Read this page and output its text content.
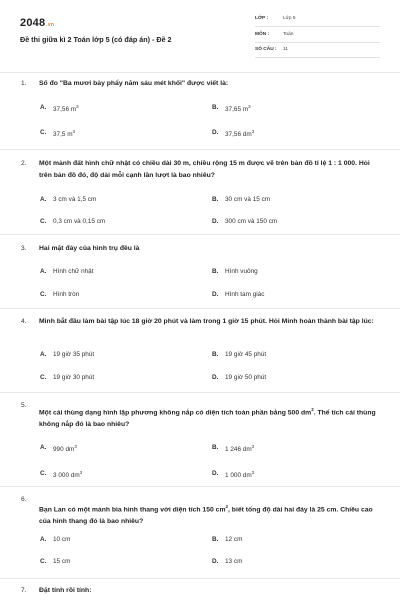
2048.vn
Đề thi giữa kì 2 Toán lớp 5 (có đáp án) - Đề 2
LỚP :	Lớp 5
MÔN :	Toán
SỐ CÂU : 11
1. Số đo "Ba mươi bảy phẩy năm sáu mét khối" được viết là:
A. 37,56 $m^3$	B. 37,65 $m^3$
C. 37,5 $m^3$	D. 37,56 $dm^3$
2. Một mảnh đất hình chữ nhật có chiều dài 30 m, chiều rộng 15 m được vẽ trên bản đồ tỉ lệ 1 : 1 000. Hỏi trên bản đồ đó, độ dài mỗi cạnh lần lượt là bao nhiêu?
A. 3 cm và 1,5 cm	B. 30 cm và 15 cm
C. 0,3 cm và 0,15 cm	D. 300 cm và 150 cm
3. Hai mặt đáy của hình trụ đều là
A. Hình chữ nhật	B. Hình vuông
C. Hình tròn	D. Hình tam giác
4. Minh bắt đầu làm bài tập lúc 18 giờ 20 phút và làm trong 1 giờ 15 phút. Hỏi Minh hoàn thành bài tập lúc:
A. 19 giờ 35 phút	B. 19 giờ 45 phút
C. 19 giờ 30 phút	D. 19 giờ 50 phút
5.
Một cái thùng dạng hình lập phương không nắp có diện tích toàn phần bằng 500 $dm^2$. Thể tích cái thùng không nắp đó là bao nhiêu?
A. 990 $dm^3$	B. 1 246 $dm^3$
C. 3 000 $dm^3$	D. 1 000 $dm^3$
6.
Bạn Lan có một mảnh bìa hình thang với diện tích 150 $cm^2$, biết tổng độ dài hai đáy là 25 cm. Chiều cao của hình thang đó là bao nhiêu?
A. 10 cm	B. 12 cm
C. 15 cm	D. 13 cm
7. Đặt tính rồi tính:
